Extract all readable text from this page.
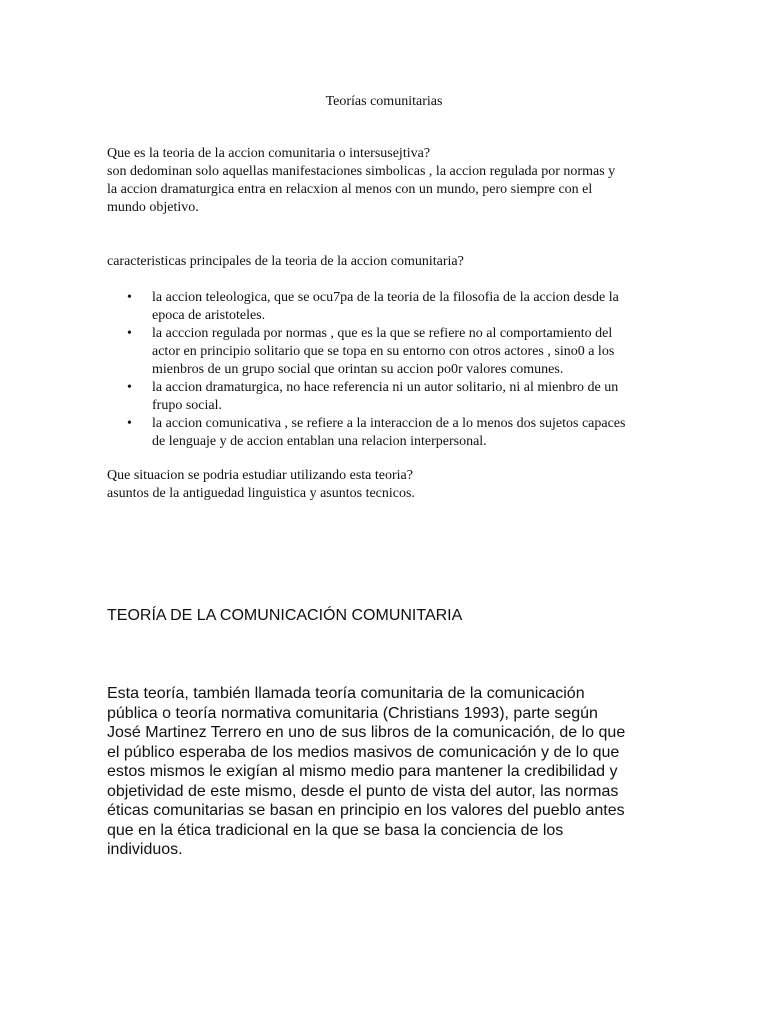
Teorías comunitarias
Que es la teoria de la accion comunitaria o intersusejtiva?
son dedominan solo aquellas manifestaciones simbolicas , la accion regulada por normas y
la accion dramaturgica entra en relacxion al menos con un mundo, pero siempre con el
mundo objetivo.
caracteristicas principales de la teoria de la accion comunitaria?
• la accion teleologica, que se ocu7pa de la teoria de la filosofia de la accion desde la
epoca de aristoteles.
• la acccion regulada por normas , que es la que se refiere no al comportamiento del
actor en principio solitario que se topa en su entorno con otros actores , sino0 a los
mienbros de un grupo social que orintan su accion po0r valores comunes.
• la accion dramaturgica, no hace referencia ni un autor solitario, ni al mienbro de un
frupo social.
• la accion comunicativa , se refiere a la interaccion de a lo menos dos sujetos capaces
de lenguaje y de accion entablan una relacion interpersonal.
Que situacion se podria estudiar utilizando esta teoria?
asuntos de la antiguedad linguistica y asuntos tecnicos.
TEORÍA DE LA COMUNICACIÓN COMUNITARIA
Esta teoría, también llamada teoría comunitaria de la comunicación
pública o teoría normativa comunitaria (Christians 1993), parte según
José Martinez Terrero en uno de sus libros de la comunicación, de lo que
el público esperaba de los medios masivos de comunicación y de lo que
estos mismos le exigían al mismo medio para mantener la credibilidad y
objetividad de este mismo, desde el punto de vista del autor, las normas
éticas comunitarias se basan en principio en los valores del pueblo antes
que en la ética tradicional en la que se basa la conciencia de los
individuos.
